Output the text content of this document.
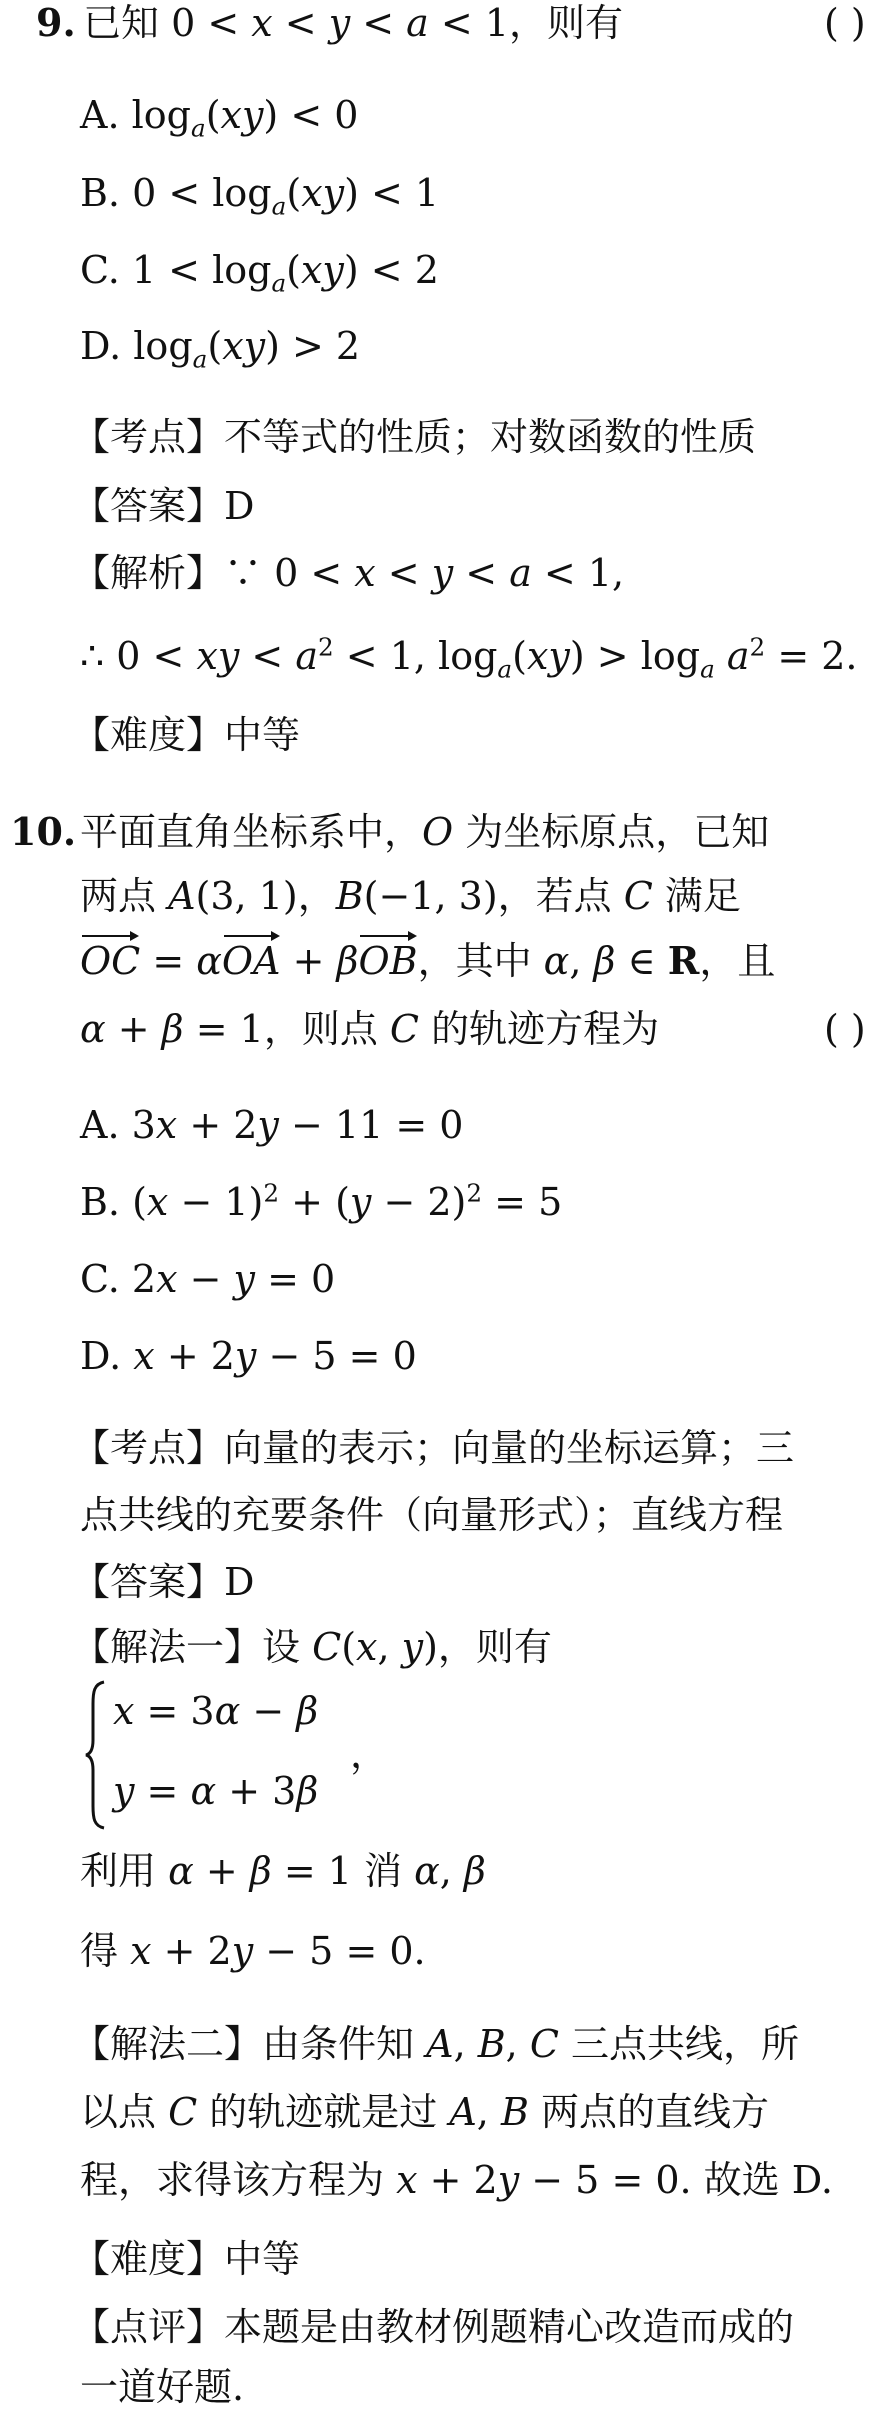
9. 已知 0 < x < y < a < 1，则有	( )
A. $\log_a(xy) < 0$
B. $0 < \log_a(xy) < 1$
C. $1 < \log_a(xy) < 2$
D. $\log_a(xy) > 2$
【考点】不等式的性质；对数函数的性质
【答案】D
【解析】∵ 0 < x < y < a < 1,
∴ 0 < xy < $a^2 < 1$, $\log_a(xy) > \log_a a^2 = 2$.
【难度】中等
10. 平面直角坐标系中，O 为坐标原点，已知
两点 A(3, 1)，B(−1, 3)，若点 C 满足
OC = αOA + βOB，其中 α, β ∈ R，且
α + β = 1，则点 C 的轨迹方程为	( )
A. 3x + 2y − 11 = 0
B. $(x - 1)^2 + (y - 2)^2 = 5$
C. 2x − y = 0
D. x + 2y − 5 = 0
【考点】向量的表示；向量的坐标运算；三
点共线的充要条件（向量形式）；直线方程
【答案】D
【解法一】设 C(x, y)，则有
x = 3α − β
y = α + 3β
，
利用 α + β = 1 消 α, β
得 x + 2y − 5 = 0.
【解法二】由条件知 A, B, C 三点共线，所
以点 C 的轨迹就是过 A, B 两点的直线方
程，求得该方程为 x + 2y − 5 = 0. 故选 D.
【难度】中等
【点评】本题是由教材例题精心改造而成的
一道好题.
